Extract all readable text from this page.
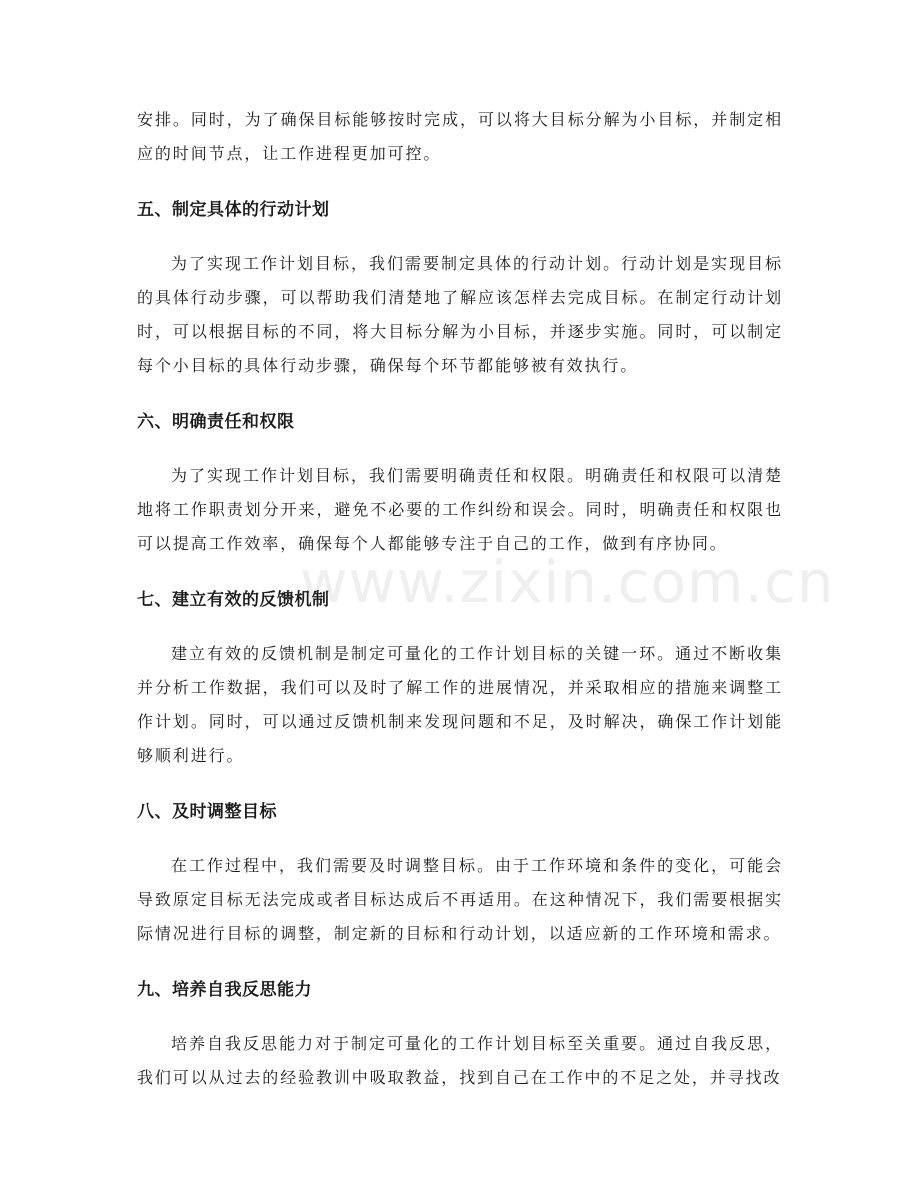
www.zixin.com.cn

安排。同时，为了确保目标能够按时完成，可以将大目标分解为小目标，并制定相应的时间节点，让工作进程更加可控。

五、制定具体的行动计划

为了实现工作计划目标，我们需要制定具体的行动计划。行动计划是实现目标的具体行动步骤，可以帮助我们清楚地了解应该怎样去完成目标。在制定行动计划时，可以根据目标的不同，将大目标分解为小目标，并逐步实施。同时，可以制定每个小目标的具体行动步骤，确保每个环节都能够被有效执行。

六、明确责任和权限

为了实现工作计划目标，我们需要明确责任和权限。明确责任和权限可以清楚地将工作职责划分开来，避免不必要的工作纠纷和误会。同时，明确责任和权限也可以提高工作效率，确保每个人都能够专注于自己的工作，做到有序协同。

七、建立有效的反馈机制

建立有效的反馈机制是制定可量化的工作计划目标的关键一环。通过不断收集并分析工作数据，我们可以及时了解工作的进展情况，并采取相应的措施来调整工作计划。同时，可以通过反馈机制来发现问题和不足，及时解决，确保工作计划能够顺利进行。

八、及时调整目标

在工作过程中，我们需要及时调整目标。由于工作环境和条件的变化，可能会导致原定目标无法完成或者目标达成后不再适用。在这种情况下，我们需要根据实际情况进行目标的调整，制定新的目标和行动计划，以适应新的工作环境和需求。

九、培养自我反思能力

培养自我反思能力对于制定可量化的工作计划目标至关重要。通过自我反思，我们可以从过去的经验教训中吸取教益，找到自己在工作中的不足之处，并寻找改
